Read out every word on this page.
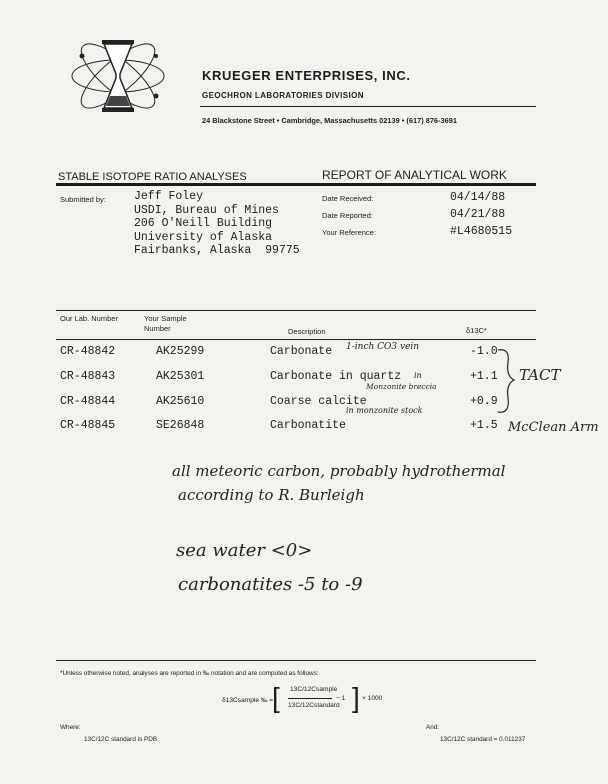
KRUEGER ENTERPRISES, INC.
GEOCHRON LABORATORIES DIVISION
24 Blackstone Street • Cambridge, Massachusetts 02139 • (617) 876-3691
STABLE ISOTOPE RATIO ANALYSES	REPORT OF ANALYTICAL WORK
Submitted by: Jeff Foley
USDI, Bureau of Mines
206 O'Neill Building
University of Alaska
Fairbanks, Alaska  99775
Date Received:	04/14/88
Date Reported:	04/21/88
Your Reference:	#L4680515
Our Lab. Number	Your Sample Number	Description	δ13C*
CR-48842	AK25299	Carbonate	-1.0
CR-48843	AK25301	Carbonate in quartz	+1.1
CR-48844	AK25610	Coarse calcite	+0.9
CR-48845	SE26848	Carbonatite	+1.5
1-inch CO3 vein
in
Monzonite breccia
in monzonite stock
TACT
McClean Arm
all meteoric carbon, probably hydrothermal
according to R. Burleigh
sea water <0>
carbonatites -5 to -9
*Unless otherwise noted, analyses are reported in ‰ notation and are computed as follows:
δ13Csample ‰ =
[ 13C/12Csample
13C/12Cstandard
− 1 ] × 1000
Where:
13C/12C standard is PDB
And:
13C/12C standard = 0.011237
